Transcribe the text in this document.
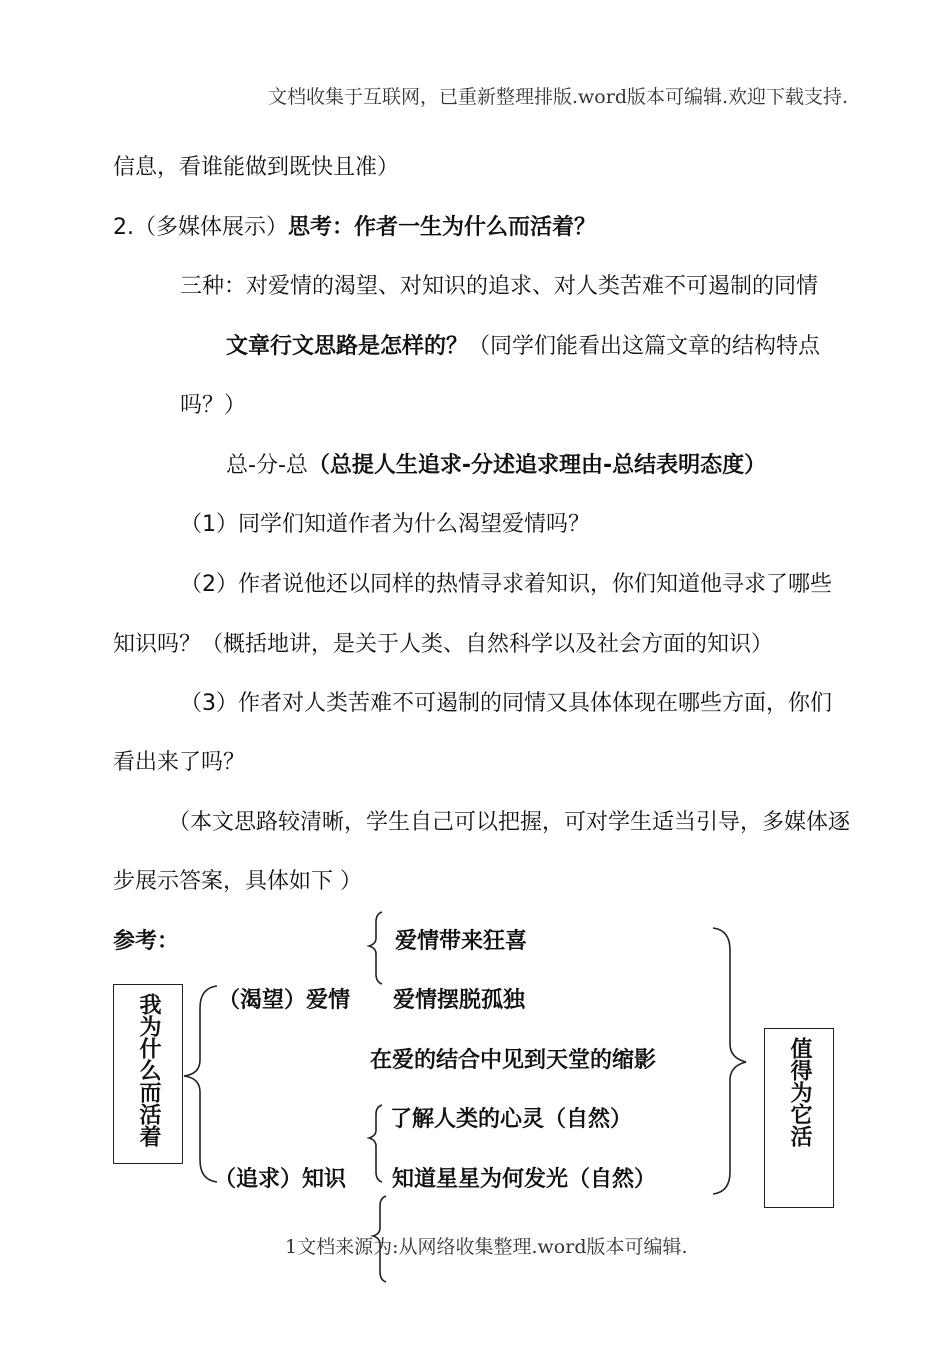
文档收集于互联网，已重新整理排版.word版本可编辑.欢迎下载支持.
信息，看谁能做到既快且准）
2.（多媒体展示）思考：作者一生为什么而活着？
三种：对爱情的渴望、对知识的追求、对人类苦难不可遏制的同情
文章行文思路是怎样的？（同学们能看出这篇文章的结构特点
吗？）
总-分-总（总提人生追求-分述追求理由-总结表明态度）
（1）同学们知道作者为什么渴望爱情吗？
（2）作者说他还以同样的热情寻求着知识，你们知道他寻求了哪些
知识吗？（概括地讲，是关于人类、自然科学以及社会方面的知识）
（3）作者对人类苦难不可遏制的同情又具体体现在哪些方面，你们
看出来了吗？
（本文思路较清晰，学生自己可以把握，可对学生适当引导，多媒体逐
步展示答案，具体如下 ）
参考：
我为什么而活着	值得为它活
（渴望）爱情
（追求）知识
爱情带来狂喜
爱情摆脱孤独
在爱的结合中见到天堂的缩影
了解人类的心灵（自然）
知道星星为何发光（自然）
1文档来源为:从网络收集整理.word版本可编辑.
